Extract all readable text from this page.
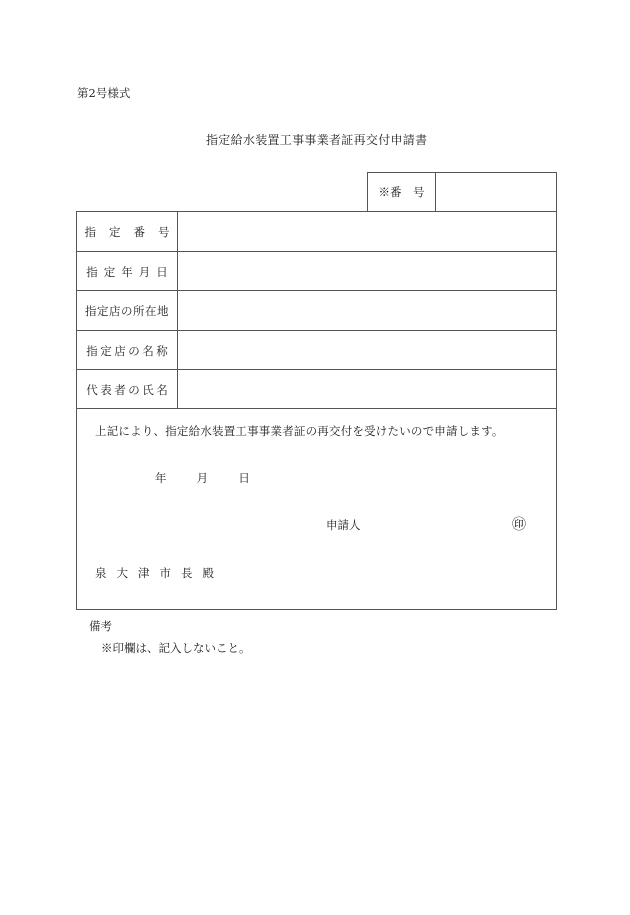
第2号様式
指定給水装置工事事業者証再交付申請書
※番　号
指定番号
指定年月日
指定店の所在地
指定店の名称
代表者の氏名
上記により、指定給水装置工事事業者証の再交付を受けたいので申請します。
年	月	日
申請人	㊞
泉大津市長殿
備考
※印欄は、記入しないこと。
